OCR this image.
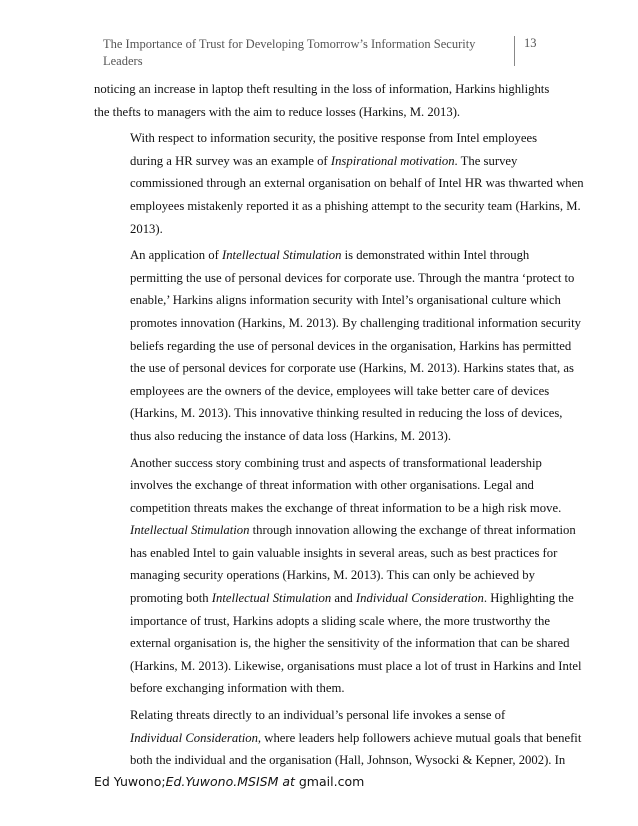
The Importance of Trust for Developing Tomorrow’s Information Security
Leaders
13

noticing an increase in laptop theft resulting in the loss of information, Harkins highlights
the thefts to managers with the aim to reduce losses (Harkins, M. 2013).

With respect to information security, the positive response from Intel employees
during a HR survey was an example of Inspirational motivation. The survey
commissioned through an external organisation on behalf of Intel HR was thwarted when
employees mistakenly reported it as a phishing attempt to the security team (Harkins, M.
2013).

An application of Intellectual Stimulation is demonstrated within Intel through
permitting the use of personal devices for corporate use. Through the mantra ‘protect to
enable,’ Harkins aligns information security with Intel’s organisational culture which
promotes innovation (Harkins, M. 2013). By challenging traditional information security
beliefs regarding the use of personal devices in the organisation, Harkins has permitted
the use of personal devices for corporate use (Harkins, M. 2013). Harkins states that, as
employees are the owners of the device, employees will take better care of devices
(Harkins, M. 2013). This innovative thinking resulted in reducing the loss of devices,
thus also reducing the instance of data loss (Harkins, M. 2013).

Another success story combining trust and aspects of transformational leadership
involves the exchange of threat information with other organisations. Legal and
competition threats makes the exchange of threat information to be a high risk move.
Intellectual Stimulation through innovation allowing the exchange of threat information
has enabled Intel to gain valuable insights in several areas, such as best practices for
managing security operations (Harkins, M. 2013). This can only be achieved by
promoting both Intellectual Stimulation and Individual Consideration. Highlighting the
importance of trust, Harkins adopts a sliding scale where, the more trustworthy the
external organisation is, the higher the sensitivity of the information that can be shared
(Harkins, M. 2013). Likewise, organisations must place a lot of trust in Harkins and Intel
before exchanging information with them.

Relating threats directly to an individual’s personal life invokes a sense of
Individual Consideration, where leaders help followers achieve mutual goals that benefit
both the individual and the organisation (Hall, Johnson, Wysocki & Kepner, 2002). In

Ed Yuwono;Ed.Yuwono.MSISM at gmail.com
